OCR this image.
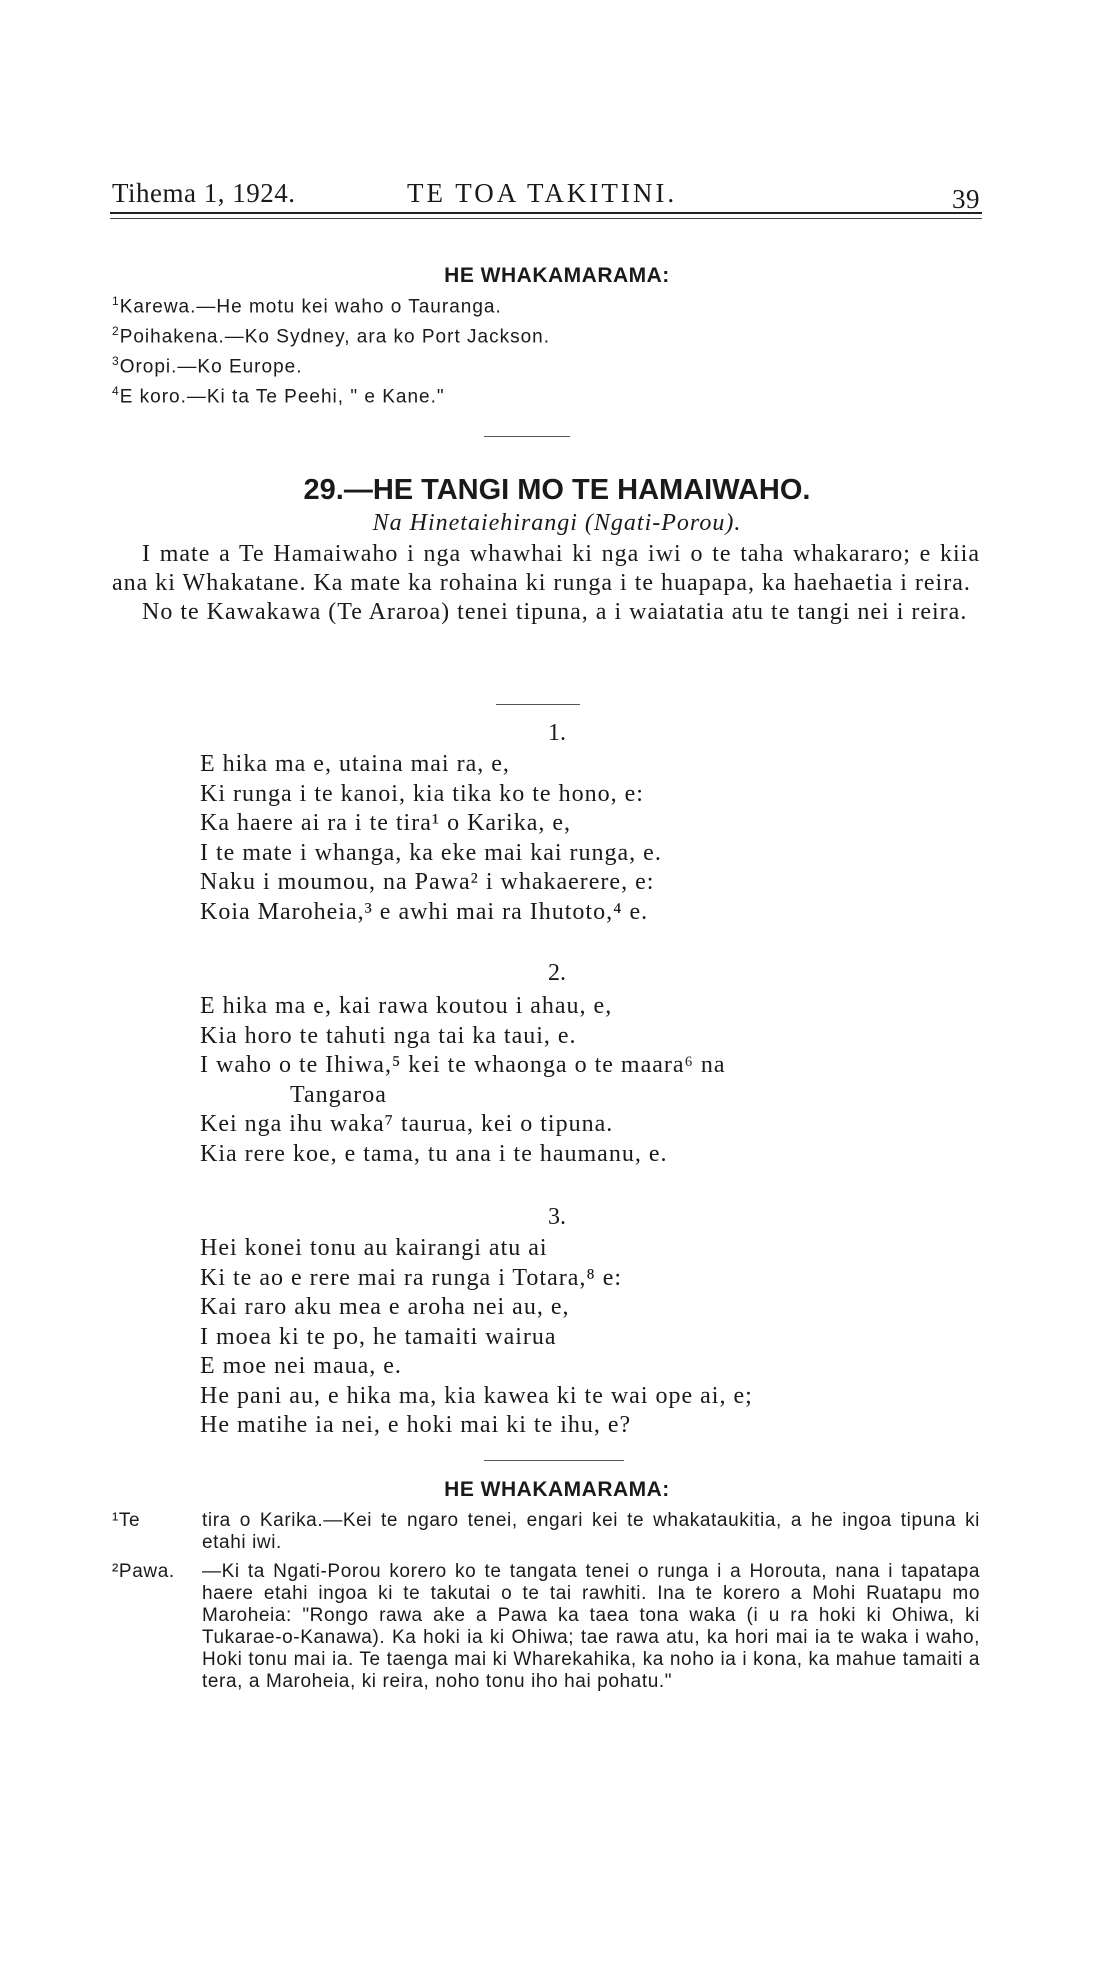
Tihema 1, 1924.	TE TOA TAKITINI.	39
HE WHAKAMARAMA:
$^1$Karewa.—He motu kei waho o Tauranga.
$^2$Poihakena.—Ko Sydney, ara ko Port Jackson.
$^3$Oropi.—Ko Europe.
$^4$E koro.—Ki ta Te Peehi, " e Kane."
29.—HE TANGI MO TE HAMAIWAHO.
Na Hinetaiehirangi (Ngati-Porou).

I mate a Te Hamaiwaho i nga whawhai ki nga iwi o te taha whakararo; e kiia ana ki Whakatane. Ka mate ka rohaina ki runga i te huapapa, ka haehaetia i reira.

No te Kawakawa (Te Araroa) tenei tipuna, a i waiatatia atu te tangi nei i reira.

1.
E hika ma e, utaina mai ra, e,
Ki runga i te kanoi, kia tika ko te hono, e:
Ka haere ai ra i te tira¹ o Karika, e,
I te mate i whanga, ka eke mai kai runga, e.
Naku i moumou, na Pawa² i whakaerere, e:
Koia Maroheia,³ e awhi mai ra Ihutoto,⁴ e.
2.
E hika ma e, kai rawa koutou i ahau, e,
Kia horo te tahuti nga tai ka taui, e.
I waho o te Ihiwa,⁵ kei te whaonga o te maara⁶ na
Tangaroa
Kei nga ihu waka⁷ taurua, kei o tipuna.
Kia rere koe, e tama, tu ana i te haumanu, e.
3.
Hei konei tonu au kairangi atu ai
Ki te ao e rere mai ra runga i Totara,⁸ e:
Kai raro aku mea e aroha nei au, e,
I moea ki te po, he tamaiti wairua
E moe nei maua, e.
He pani au, e hika ma, kia kawea ki te wai ope ai, e;
He matihe ia nei, e hoki mai ki te ihu, e?
HE WHAKAMARAMA:
¹Te	tira o Karika.—Kei te ngaro tenei, engari kei te whakataukitia, a he ingoa tipuna ki etahi iwi.
²Pawa. —Ki ta Ngati-Porou korero ko te tangata tenei o runga i a Horouta, nana i tapatapa haere etahi ingoa ki te takutai o te tai rawhiti. Ina te korero a Mohi Ruatapu mo Maroheia: "Rongo rawa ake a Pawa ka taea tona waka (i u ra hoki ki Ohiwa, ki Tukarae-o-Kanawa). Ka hoki ia ki Ohiwa; tae rawa atu, ka hori mai ia te waka i waho, Hoki tonu mai ia. Te taenga mai ki Wharekahika, ka noho ia i kona, ka mahue tamaiti a tera, a Maroheia, ki reira, noho tonu iho hai pohatu."
